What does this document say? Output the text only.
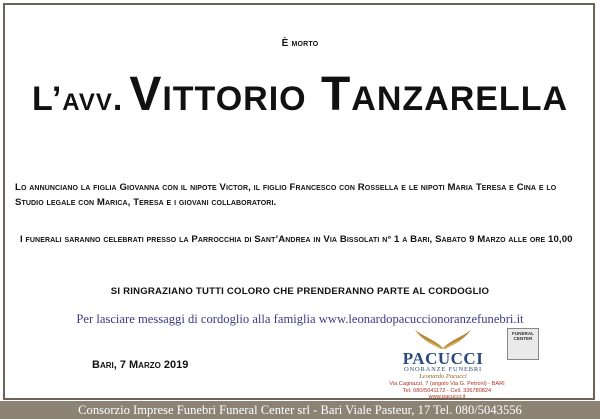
È morto
L’avv. Vittorio Tanzarella
Lo annunciano la figlia Giovanna con il nipote Victor, il figlio Francesco con Rossella e le nipoti Maria Teresa e Cina e lo Studio legale con Marica, Teresa e i giovani collaboratori.
I funerali saranno celebrati presso la Parrocchia di Sant’Andrea in Via Bissolati n° 1 a Bari, Sabato 9 Marzo alle ore 10,00
SI RINGRAZIANO TUTTI COLORO CHE PRENDERANNO PARTE AL CORDOGLIO
Per lasciare messaggi di cordoglio alla famiglia www.leonardopacuccionoranzefunebri.it
Bari, 7 Marzo 2019	PACUCCI
ONORANZE FUNEBRI
Leonardo Pacucci
Via Cagnazzi, 7 (angolo Via G. Petroni) - BARI
Tel. 080/5041172 - Cell. 336780824
www.pacucci.it
FUNERAL CENTER
Consorzio Imprese Funebri Funeral Center srl - Bari Viale Pasteur, 17 Tel. 080/5043556
